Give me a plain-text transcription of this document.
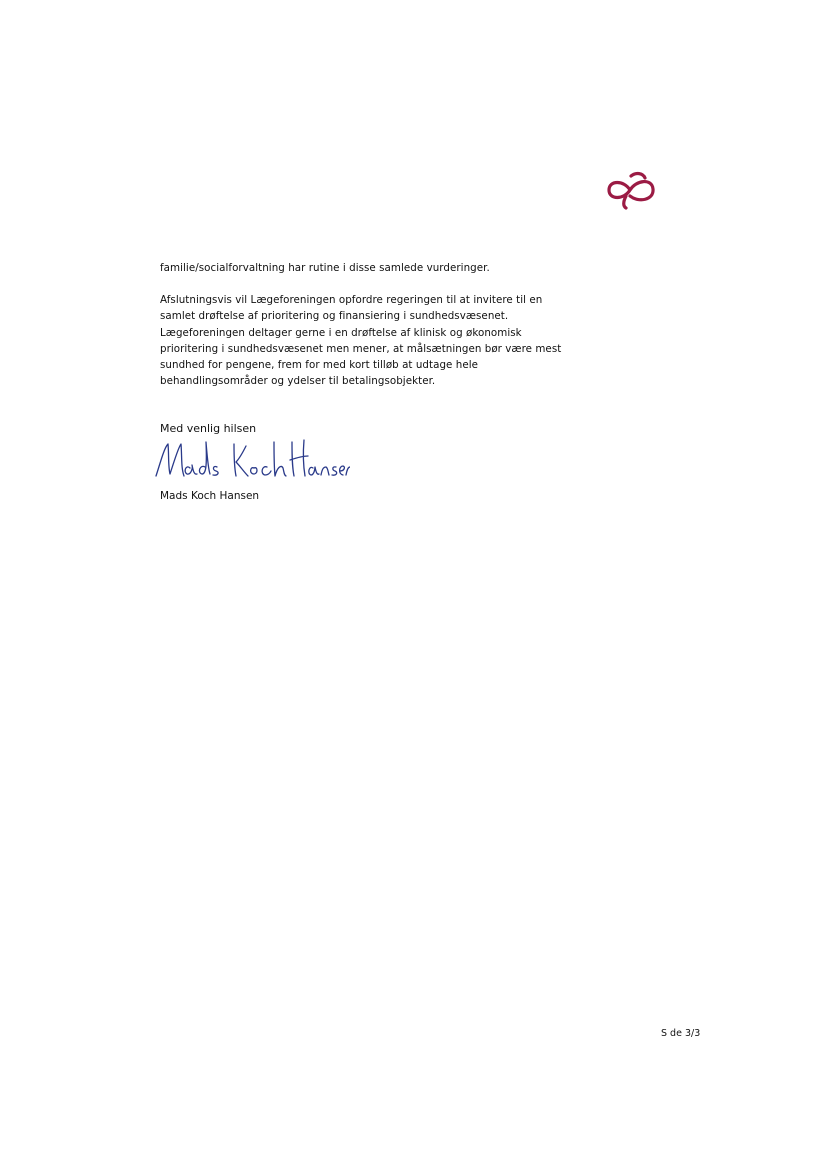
familie/socialforvaltning har rutine i disse samlede vurderinger.

Afslutningsvis vil Lægeforeningen opfordre regeringen til at invitere til en
samlet drøftelse af prioritering og finansiering i sundhedsvæsenet.
Lægeforeningen deltager gerne i en drøftelse af klinisk og økonomisk
prioritering i sundhedsvæsenet men mener, at målsætningen bør være mest
sundhed for pengene, frem for med kort tilløb at udtage hele
behandlingsområder og ydelser til betalingsobjekter.

Med venlig hilsen
Mads Koch Hansen
S de 3/3
